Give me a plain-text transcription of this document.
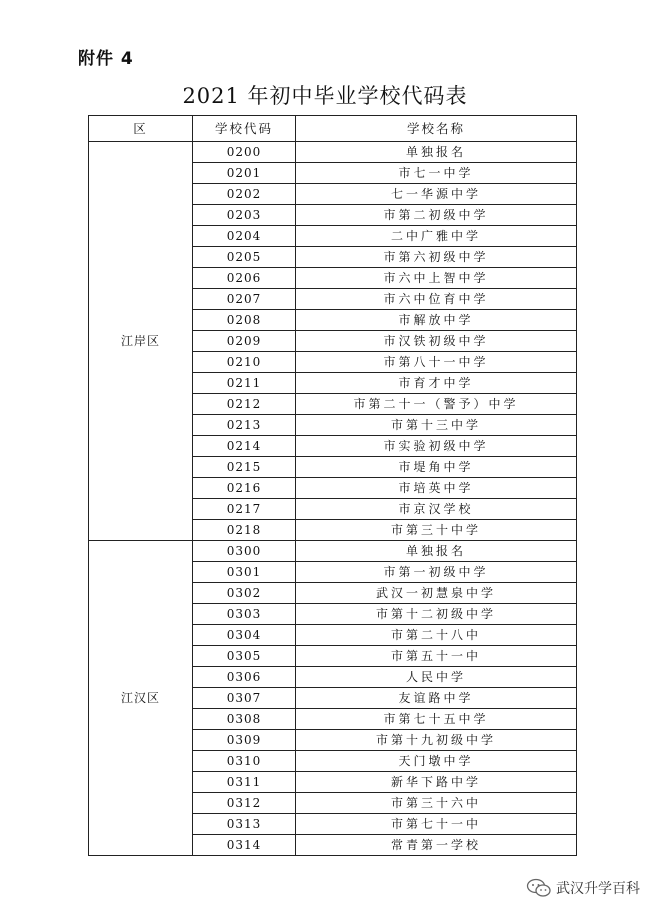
附件 4
2021 年初中毕业学校代码表
区	学校代码	学校名称
江岸区	0200	单独报名
	0201	市七一中学
	0202	七一华源中学
	0203	市第二初级中学
	0204	二中广雅中学
	0205	市第六初级中学
	0206	市六中上智中学
	0207	市六中位育中学
	0208	市解放中学
	0209	市汉铁初级中学
	0210	市第八十一中学
	0211	市育才中学
	0212	市第二十一（警予）中学
	0213	市第十三中学
	0214	市实验初级中学
	0215	市堤角中学
	0216	市培英中学
	0217	市京汉学校
	0218	市第三十中学
江汉区	0300	单独报名
	0301	市第一初级中学
	0302	武汉一初慧泉中学
	0303	市第十二初级中学
	0304	市第二十八中
	0305	市第五十一中
	0306	人民中学
	0307	友谊路中学
	0308	市第七十五中学
	0309	市第十九初级中学
	0310	天门墩中学
	0311	新华下路中学
	0312	市第三十六中
	0313	市第七十一中
	0314	常青第一学校
武汉升学百科
